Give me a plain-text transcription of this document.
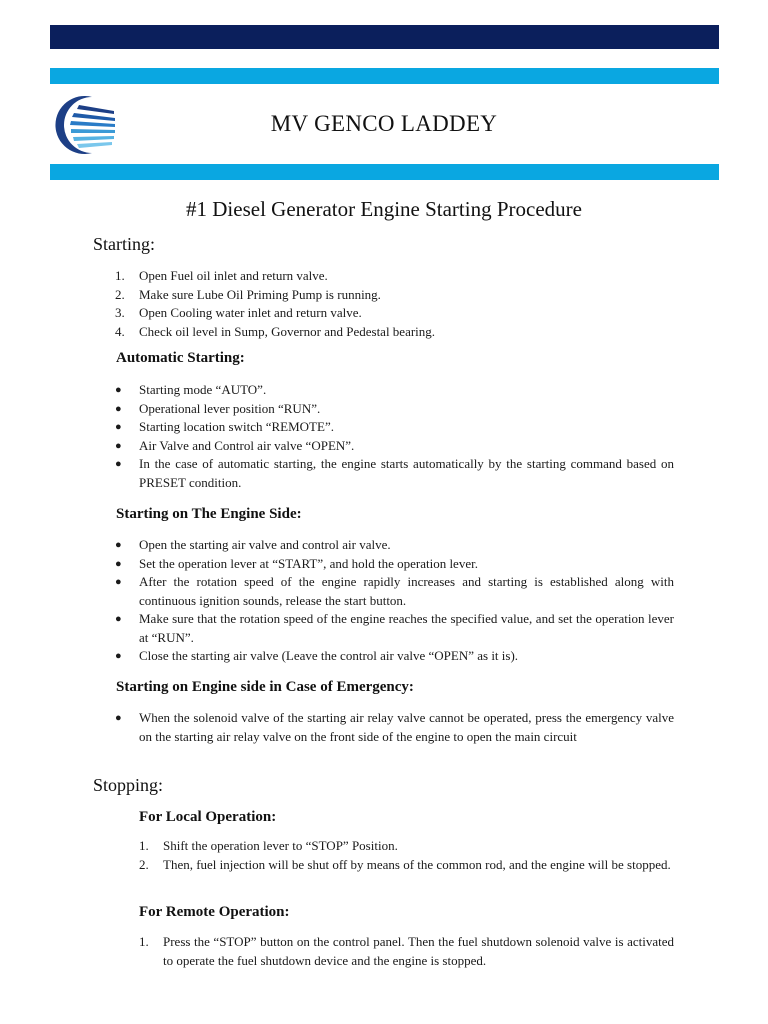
MV GENCO LADDEY
#1 Diesel Generator Engine Starting Procedure
Starting:
1.	Open Fuel oil inlet and return valve.
2.	Make sure Lube Oil Priming Pump is running.
3.	Open Cooling water inlet and return valve.
4.	Check oil level in Sump, Governor and Pedestal bearing.
Automatic Starting:
● Starting mode “AUTO”.
● Operational lever position “RUN”.
● Starting location switch “REMOTE”.
● Air Valve and Control air valve “OPEN”.
● In the case of automatic starting, the engine starts automatically by the starting command based on PRESET condition.
Starting on The Engine Side:
● Open the starting air valve and control air valve.
● Set the operation lever at “START”, and hold the operation lever.
● After the rotation speed of the engine rapidly increases and starting is established along with continuous ignition sounds, release the start button.
● Make sure that the rotation speed of the engine reaches the specified value, and set the operation lever at “RUN”.
● Close the starting air valve (Leave the control air valve “OPEN” as it is).
Starting on Engine side in Case of Emergency:
● When the solenoid valve of the starting air relay valve cannot be operated, press the emergency valve on the starting air relay valve on the front side of the engine to open the main circuit
Stopping:
For Local Operation:
1.	Shift the operation lever to “STOP” Position.
2.	Then, fuel injection will be shut off by means of the common rod, and the engine will be stopped.
For Remote Operation:
1.	Press the “STOP” button on the control panel. Then the fuel shutdown solenoid valve is activated to operate the fuel shutdown device and the engine is stopped.
